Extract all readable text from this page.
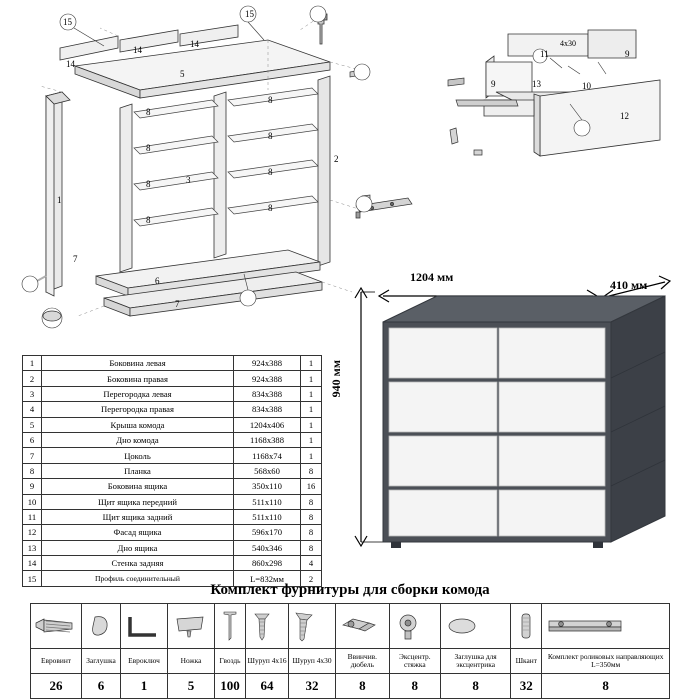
15
15
14
14
14
5
1
2
3
7
6
7
8
8
8
8
8
8
8
8
11
4х30
9
9	13	10
12
1	Боковина левая	924х388	1
2	Боковина правая	924х388	1
3	Перегородка левая	834х388	1
4	Перегородка правая	834х388	1
5	Крыша комода	1204х406	1
6	Дно комода	1168х388	1
7	Цоколь	1168х74	1
8	Планка	568х60	8
9	Боковина ящика	350х110	16
10	Щит ящика передний	511х110	8
11	Щит ящика задний	511х110	8
12	Фасад ящика	596х170	8
13	Дно ящика	540х346	8
14	Стенка задняя	860х298	4
15	Профиль соединительный	L=832мм	2
1204 мм
410 мм
940 мм
Комплект фурнитуры для сборки комода

Евровинт	Заглушка	Евроключ	Ножка	Гвоздь	Шуруп 4х16	Шуруп 4х30	Ввинчив. дюбель	Эксцентр. стяжка	Заглушка для эксцентрика	Шкант	Комплект роликовых направляющих L=350мм
26	6	1	5	100	64	32	8	8	8	32	8
